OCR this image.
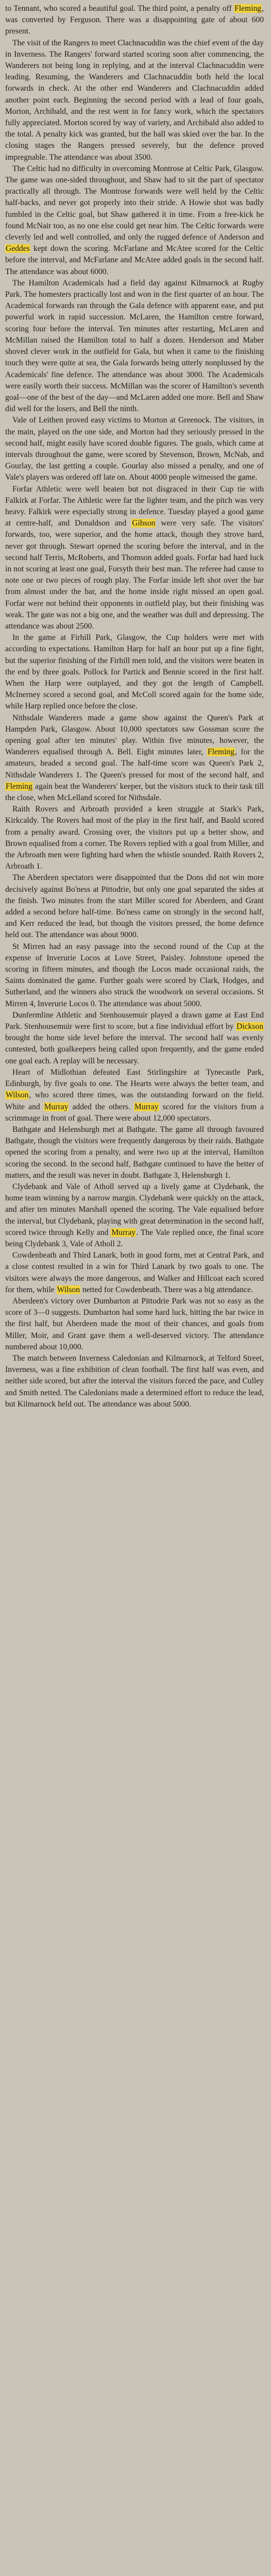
to Tennant, who scored a beautiful goal. The third point, a penalty off Fleming, was converted by Ferguson. There was a disappointing gate of about 600 present.

The visit of the Rangers to meet Clachnacuddin was the chief event of the day in Inverness. The Rangers' forward started scoring soon after commencing, the Wanderers not being long in replying, and at the interval Clachnacuddin were leading. Resuming, the Wanderers and Clachnacuddin both held the local forwards in check. At the other end Wanderers and Clachnacuddin added another point each. Beginning the second period with a lead of four goals, Morton, Archibald, and the rest went in for fancy work, which the spectators fully appreciated. Morton scored by way of variety, and Archibald also added to the total. A penalty kick was granted, but the ball was skied over the bar. In the closing stages the Rangers pressed severely, but the defence proved impregnable. The attendance was about 3500.

The Celtic had no difficulty in overcoming Montrose at Celtic Park, Glasgow. The game was one-sided throughout, and Shaw had to sit the part of spectator practically all through. The Montrose forwards were well held by the Celtic half-backs, and never got properly into their stride. A Howie shot was badly fumbled in the Celtic goal, but Shaw gathered it in time. From a free-kick he found McNair too, as no one else could get near him. The Celtic forwards were cleverly led and well controlled, and only the rugged defence of Anderson and Geddes kept down the scoring. McFarlane and McAtee scored for the Celtic before the interval, and McFarlane and McAtee added goals in the second half. The attendance was about 6000.

The Hamilton Academicals had a field day against Kilmarnock at Rugby Park. The homesters practically lost and won in the first quarter of an hour. The Academical forwards ran through the Gala defence with apparent ease, and put powerful work in rapid succession. McLaren, the Hamilton centre forward, scoring four before the interval. Ten minutes after restarting, McLaren and McMillan raised the Hamilton total to half a dozen. Henderson and Maber shoved clever work in the outfield for Gala, but when it came to the finishing touch they were quite at sea, the Gala forwards being utterly nonplussed by the Academicals' fine defence. The attendance was about 3000. The Academicals were easily worth their success. McMillan was the scorer of Hamilton's seventh goal—one of the best of the day—and McLaren added one more. Bell and Shaw did well for the losers, and Bell the ninth.

Vale of Leithen proved easy victims to Morton at Greenock. The visitors, in the main, played on the one side, and Morton had they seriously pressed in the second half, might easily have scored double figures. The goals, which came at intervals throughout the game, were scored by Stevenson, Brown, McNab, and Gourlay, the last getting a couple. Gourlay also missed a penalty, and one of Vale's players was ordered off late on. About 4000 people witnessed the game.

Forfar Athletic were well beaten but not disgraced in their Cup tie with Falkirk at Forfar. The Athletic were far the lighter team, and the pitch was very heavy. Falkirk were especially strong in defence. Tuesday played a good game at centre-half, and Donaldson and Gibson were very safe. The visitors' forwards, too, were superior, and the home attack, though they strove hard, never got through. Stewart opened the scoring before the interval, and in the second half Terris, McRoberts, and Thomson added goals. Forfar had hard luck in not scoring at least one goal, Forsyth their best man. The referee had cause to note one or two pieces of rough play. The Forfar inside left shot over the bar from almost under the bar, and the home inside right missed an open goal. Forfar were not behind their opponents in outfield play, but their finishing was weak. The gate was not a big one, and the weather was dull and depressing. The attendance was about 2500.

In the game at Firhill Park, Glasgow, the Cup holders were met with according to expectations. Hamilton Harp for half an hour put up a fine fight, but the superior finishing of the Firhill men told, and the visitors were beaten in the end by three goals. Pollock for Partick and Bennie scored in the first half. When the Harp were outplayed, and they got the length of Campbell. McInerney scored a second goal, and McColl scored again for the home side, while Harp replied once before the close.

Nithsdale Wanderers made a game show against the Queen's Park at Hampden Park, Glasgow. About 10,000 spectators saw Gossman score the opening goal after ten minutes' play. Within five minutes, however, the Wanderers equalised through A. Bell. Eight minutes later, Fleming, for the amateurs, headed a second goal. The half-time score was Queen's Park 2, Nithsdale Wanderers 1. The Queen's pressed for most of the second half, and Fleming again beat the Wanderers' keeper, but the visitors stuck to their task till the close, when McLelland scored for Nithsdale.

Raith Rovers and Arbroath provided a keen struggle at Stark's Park, Kirkcaldy. The Rovers had most of the play in the first half, and Bauld scored from a penalty award. Crossing over, the visitors put up a better show, and Brown equalised from a corner. The Rovers replied with a goal from Miller, and the Arbroath men were fighting hard when the whistle sounded. Raith Rovers 2, Arbroath 1.

The Aberdeen spectators were disappointed that the Dons did not win more decisively against Bo'ness at Pittodrie, but only one goal separated the sides at the finish. Two minutes from the start Miller scored for Aberdeen, and Grant added a second before half-time. Bo'ness came on strongly in the second half, and Kerr reduced the lead, but though the visitors pressed, the home defence held out. The attendance was about 9000.

St Mirren had an easy passage into the second round of the Cup at the expense of Inverurie Locos at Love Street, Paisley. Johnstone opened the scoring in fifteen minutes, and though the Locos made occasional raids, the Saints dominated the game. Further goals were scored by Clark, Hodges, and Sutherland, and the winners also struck the woodwork on several occasions. St Mirren 4, Inverurie Locos 0. The attendance was about 5000.

Dunfermline Athletic and Stenhousemuir played a drawn game at East End Park. Stenhousemuir were first to score, but a fine individual effort by Dickson brought the home side level before the interval. The second half was evenly contested, both goalkeepers being called upon frequently, and the game ended one goal each. A replay will be necessary.

Heart of Midlothian defeated East Stirlingshire at Tynecastle Park, Edinburgh, by five goals to one. The Hearts were always the better team, and Wilson, who scored three times, was the outstanding forward on the field. White and Murray added the others. Murray scored for the visitors from a scrimmage in front of goal. There were about 12,000 spectators.

Bathgate and Helensburgh met at Bathgate. The game all through favoured Bathgate, though the visitors were frequently dangerous by their raids. Bathgate opened the scoring from a penalty, and were two up at the interval, Hamilton scoring the second. In the second half, Bathgate continued to have the better of matters, and the result was never in doubt. Bathgate 3, Helensburgh 1.

Clydebank and Vale of Atholl served up a lively game at Clydebank, the home team winning by a narrow margin. Clydebank were quickly on the attack, and after ten minutes Marshall opened the scoring. The Vale equalised before the interval, but Clydebank, playing with great determination in the second half, scored twice through Kelly and Murray. The Vale replied once, the final score being Clydebank 3, Vale of Atholl 2.

Cowdenbeath and Third Lanark, both in good form, met at Central Park, and a close contest resulted in a win for Third Lanark by two goals to one. The visitors were always the more dangerous, and Walker and Hillcoat each scored for them, while Wilson netted for Cowdenbeath. There was a big attendance.

Aberdeen's victory over Dumbarton at Pittodrie Park was not so easy as the score of 3—0 suggests. Dumbarton had some hard luck, hitting the bar twice in the first half, but Aberdeen made the most of their chances, and goals from Miller, Moir, and Grant gave them a well-deserved victory. The attendance numbered about 10,000.

The match between Inverness Caledonian and Kilmarnock, at Telford Street, Inverness, was a fine exhibition of clean football. The first half was even, and neither side scored, but after the interval the visitors forced the pace, and Culley and Smith netted. The Caledonians made a determined effort to reduce the lead, but Kilmarnock held out. The attendance was about 5000.
